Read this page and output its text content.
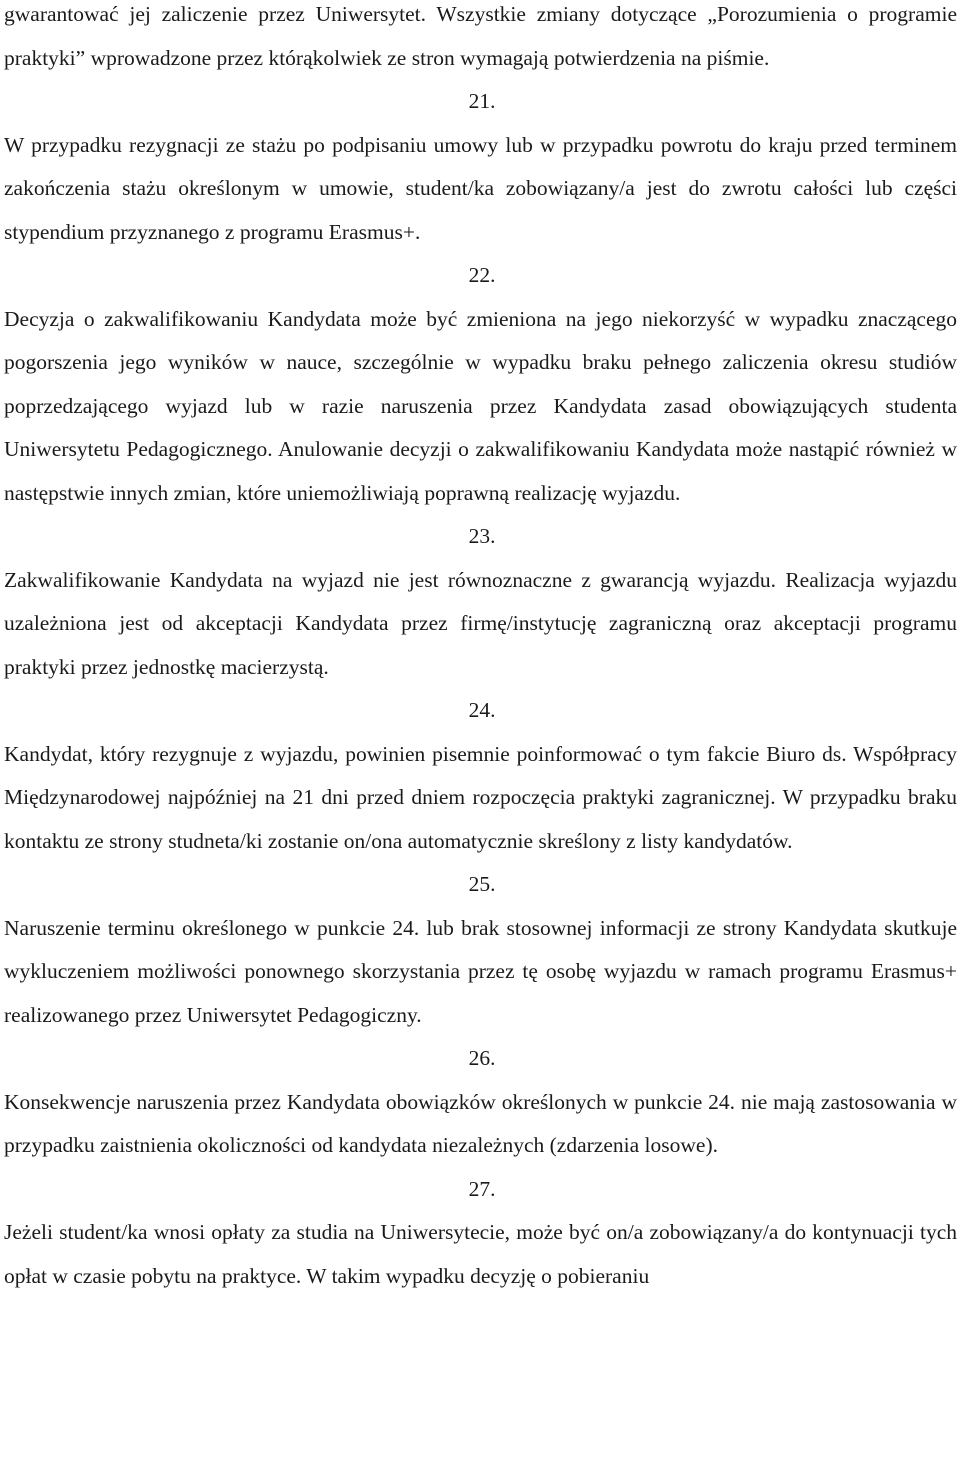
gwarantować jej zaliczenie przez Uniwersytet. Wszystkie zmiany dotyczące „Porozumienia o programie praktyki” wprowadzone przez którąkolwiek ze stron wymagają potwierdzenia na piśmie.

21.

W przypadku rezygnacji ze stażu po podpisaniu umowy lub w przypadku powrotu do kraju przed terminem zakończenia stażu określonym w umowie, student/ka zobowiązany/a jest do zwrotu całości lub części stypendium przyznanego z programu Erasmus+.

22.

Decyzja o zakwalifikowaniu Kandydata może być zmieniona na jego niekorzyść w wypadku znaczącego pogorszenia jego wyników w nauce, szczególnie w wypadku braku pełnego zaliczenia okresu studiów poprzedzającego wyjazd lub w razie naruszenia przez Kandydata zasad obowiązujących studenta Uniwersytetu Pedagogicznego. Anulowanie decyzji o zakwalifikowaniu Kandydata może nastąpić również w następstwie innych zmian, które uniemożliwiają poprawną realizację wyjazdu.

23.

Zakwalifikowanie Kandydata na wyjazd nie jest równoznaczne z gwarancją wyjazdu. Realizacja wyjazdu uzależniona jest od akceptacji Kandydata przez firmę/instytucję zagraniczną oraz akceptacji programu praktyki przez jednostkę macierzystą.

24.

Kandydat, który rezygnuje z wyjazdu, powinien pisemnie poinformować o tym fakcie Biuro ds. Współpracy Międzynarodowej najpóźniej na 21 dni przed dniem rozpoczęcia praktyki zagranicznej. W przypadku braku kontaktu ze strony studneta/ki zostanie on/ona automatycznie skreślony z listy kandydatów.

25.

Naruszenie terminu określonego w punkcie 24. lub brak stosownej informacji ze strony Kandydata skutkuje wykluczeniem możliwości ponownego skorzystania przez tę osobę wyjazdu w ramach programu Erasmus+ realizowanego przez Uniwersytet Pedagogiczny.

26.

Konsekwencje naruszenia przez Kandydata obowiązków określonych w punkcie 24. nie mają zastosowania w przypadku zaistnienia okoliczności od kandydata niezależnych (zdarzenia losowe).

27.

Jeżeli student/ka wnosi opłaty za studia na Uniwersytecie, może być on/a zobowiązany/a do kontynuacji tych opłat w czasie pobytu na praktyce. W takim wypadku decyzję o pobieraniu
